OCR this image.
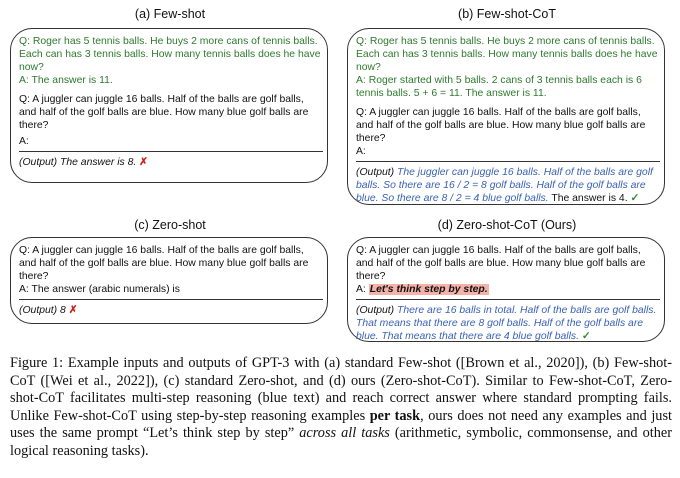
(a) Few-shot
Q: Roger has 5 tennis balls. He buys 2 more cans of tennis balls. Each can has 3 tennis balls. How many tennis balls does he have now?
A: The answer is 11.
Q: A juggler can juggle 16 balls. Half of the balls are golf balls, and half of the golf balls are blue. How many blue golf balls are there?
A:
(Output) The answer is 8. ✗
(b) Few-shot-CoT
Q: Roger has 5 tennis balls. He buys 2 more cans of tennis balls. Each can has 3 tennis balls. How many tennis balls does he have now?
A: Roger started with 5 balls. 2 cans of 3 tennis balls each is 6 tennis balls. 5 + 6 = 11. The answer is 11.
Q: A juggler can juggle 16 balls. Half of the balls are golf balls, and half of the golf balls are blue. How many blue golf balls are there?
A:
(Output) The juggler can juggle 16 balls. Half of the balls are golf balls. So there are 16 / 2 = 8 golf balls. Half of the golf balls are blue. So there are 8 / 2 = 4 blue golf balls. The answer is 4. ✓
(c) Zero-shot
Q: A juggler can juggle 16 balls. Half of the balls are golf balls, and half of the golf balls are blue. How many blue golf balls are there?
A: The answer (arabic numerals) is
(Output) 8 ✗
(d) Zero-shot-CoT (Ours)
Q: A juggler can juggle 16 balls. Half of the balls are golf balls, and half of the golf balls are blue. How many blue golf balls are there?
A: Let's think step by step.
(Output) There are 16 balls in total. Half of the balls are golf balls. That means that there are 8 golf balls. Half of the golf balls are blue. That means that there are 4 blue golf balls. ✓
Figure 1: Example inputs and outputs of GPT-3 with (a) standard Few-shot ([Brown et al., 2020]), (b) Few-shot-CoT ([Wei et al., 2022]), (c) standard Zero-shot, and (d) ours (Zero-shot-CoT). Similar to Few-shot-CoT, Zero-shot-CoT facilitates multi-step reasoning (blue text) and reach correct answer where standard prompting fails. Unlike Few-shot-CoT using step-by-step reasoning examples per task, ours does not need any examples and just uses the same prompt “Let’s think step by step” across all tasks (arithmetic, symbolic, commonsense, and other logical reasoning tasks).
